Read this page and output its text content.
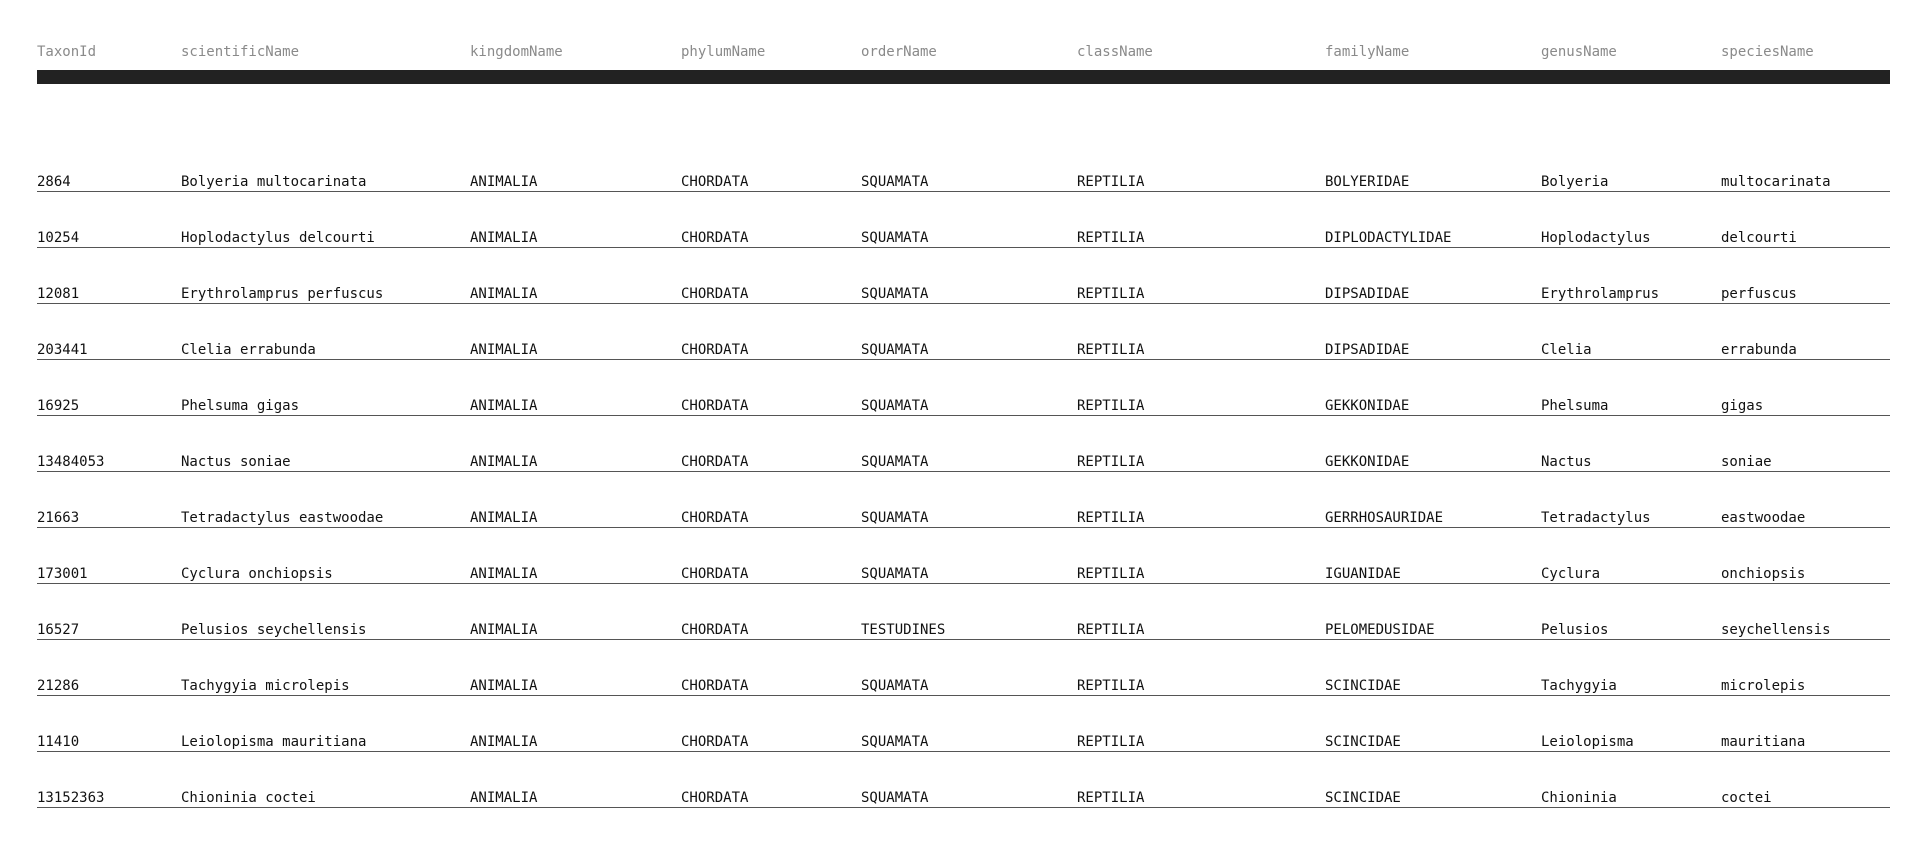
TaxonId	scientificName	kingdomName	phylumName	orderName	className	familyName	genusName	speciesName

2864	Bolyeria multocarinata	ANIMALIA	CHORDATA	SQUAMATA	REPTILIA	BOLYERIDAE	Bolyeria	multocarinata
10254	Hoplodactylus delcourti	ANIMALIA	CHORDATA	SQUAMATA	REPTILIA	DIPLODACTYLIDAE	Hoplodactylus	delcourti
12081	Erythrolamprus perfuscus	ANIMALIA	CHORDATA	SQUAMATA	REPTILIA	DIPSADIDAE	Erythrolamprus	perfuscus
203441	Clelia errabunda	ANIMALIA	CHORDATA	SQUAMATA	REPTILIA	DIPSADIDAE	Clelia	errabunda
16925	Phelsuma gigas	ANIMALIA	CHORDATA	SQUAMATA	REPTILIA	GEKKONIDAE	Phelsuma	gigas
13484053	Nactus soniae	ANIMALIA	CHORDATA	SQUAMATA	REPTILIA	GEKKONIDAE	Nactus	soniae
21663	Tetradactylus eastwoodae	ANIMALIA	CHORDATA	SQUAMATA	REPTILIA	GERRHOSAURIDAE	Tetradactylus	eastwoodae
173001	Cyclura onchiopsis	ANIMALIA	CHORDATA	SQUAMATA	REPTILIA	IGUANIDAE	Cyclura	onchiopsis
16527	Pelusios seychellensis	ANIMALIA	CHORDATA	TESTUDINES	REPTILIA	PELOMEDUSIDAE	Pelusios	seychellensis
21286	Tachygyia microlepis	ANIMALIA	CHORDATA	SQUAMATA	REPTILIA	SCINCIDAE	Tachygyia	microlepis
11410	Leiolopisma mauritiana	ANIMALIA	CHORDATA	SQUAMATA	REPTILIA	SCINCIDAE	Leiolopisma	mauritiana
13152363	Chioninia coctei	ANIMALIA	CHORDATA	SQUAMATA	REPTILIA	SCINCIDAE	Chioninia	coctei
